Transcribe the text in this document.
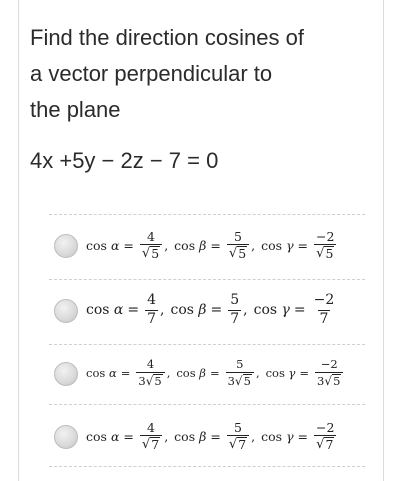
Find the direction cosines of
a vector perpendicular to
the plane
4x +5y − 2z − 7 = 0
cos
$\alpha = \frac{4}{√ 5}$ , cos
$\beta = \frac{5}{√ 5}$ , cos
$\gamma = \frac{-2}{√ 5}$
cos
$\alpha = \frac{4}{7}$ , cos
$\beta = \frac{5}{7}$ , cos
$\gamma = \frac{-2}{7}$
cos
$\alpha = \frac{4}{3 √ 5}$ , cos
$\beta = \frac{5}{3 √ 5}$ , cos
$\gamma = \frac{-2}{3 √ 5}$
cos
$\alpha = \frac{4}{√ 7}$ , cos
$\beta = \frac{5}{√ 7}$ , cos
$\gamma = \frac{-2}{√ 7}$
